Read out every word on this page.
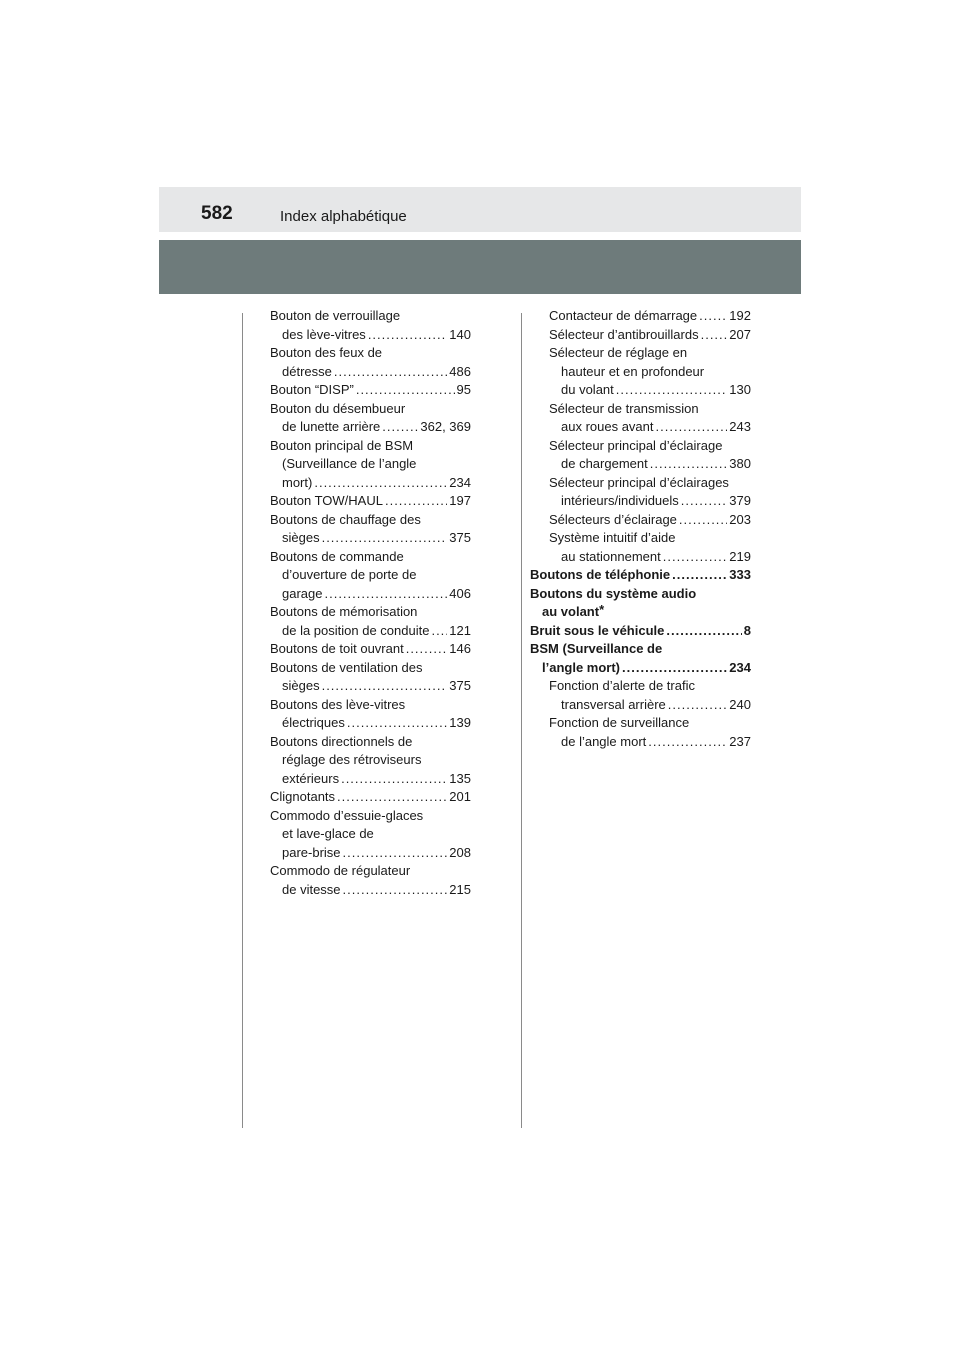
582	Index alphabétique
Bouton de verrouillage
des lève-vitres .....	140
Bouton des feux de
détresse .....	486
Bouton “DISP” .....	95
Bouton du désembueur
de lunette arrière .....	362, 369
Bouton principal de BSM
(Surveillance de l’angle
mort) .....	234
Bouton TOW/HAUL .....	197
Boutons de chauffage des
sièges .....	375
Boutons de commande
d’ouverture de porte de
garage .....	406
Boutons de mémorisation
de la position de conduite ..... 121
Boutons de toit ouvrant .....	146
Boutons de ventilation des
sièges .....	375
Boutons des lève-vitres
électriques .....	139
Boutons directionnels de
réglage des rétroviseurs
extérieurs .....	135
Clignotants .....	201
Commodo d’essuie-glaces
et lave-glace de
pare-brise .....	208
Commodo de régulateur
de vitesse .....	215
Contacteur de démarrage ..... 192
Sélecteur d’antibrouillards ..... 207
Sélecteur de réglage en
hauteur et en profondeur
du volant .....	130
Sélecteur de transmission
aux roues avant .....	243
Sélecteur principal d’éclairage
de chargement .....	380
Sélecteur principal d’éclairages
intérieurs/individuels .....	379
Sélecteurs d’éclairage .....	203
Système intuitif d’aide
au stationnement .....	219
Boutons de téléphonie .....	333
Boutons du système audio
au volant*
Bruit sous le véhicule .....	8
BSM (Surveillance de
l’angle mort) .....	234
Fonction d’alerte de trafic
transversal arrière .....	240
Fonction de surveillance
de l’angle mort .....	237
